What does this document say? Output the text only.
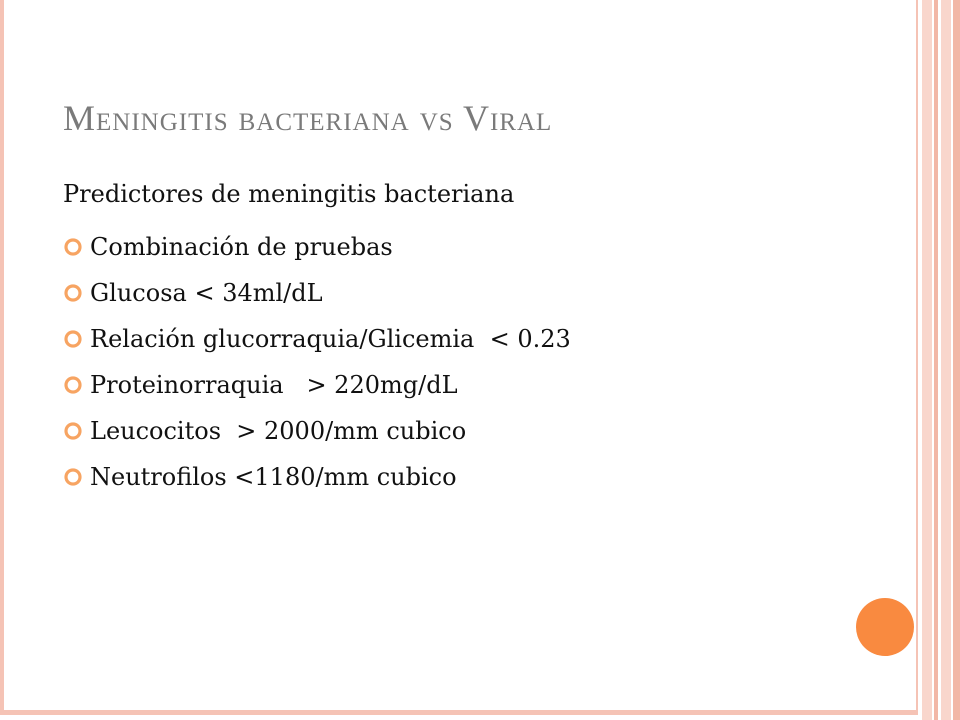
Meningitis bacteriana vs Viral
Predictores de meningitis bacteriana
Combinación de pruebas
Glucosa < 34ml/dL
Relación glucorraquia/Glicemia  < 0.23
Proteinorraquia   > 220mg/dL
Leucocitos  > 2000/mm cubico
Neutrofilos <1180/mm cubico
